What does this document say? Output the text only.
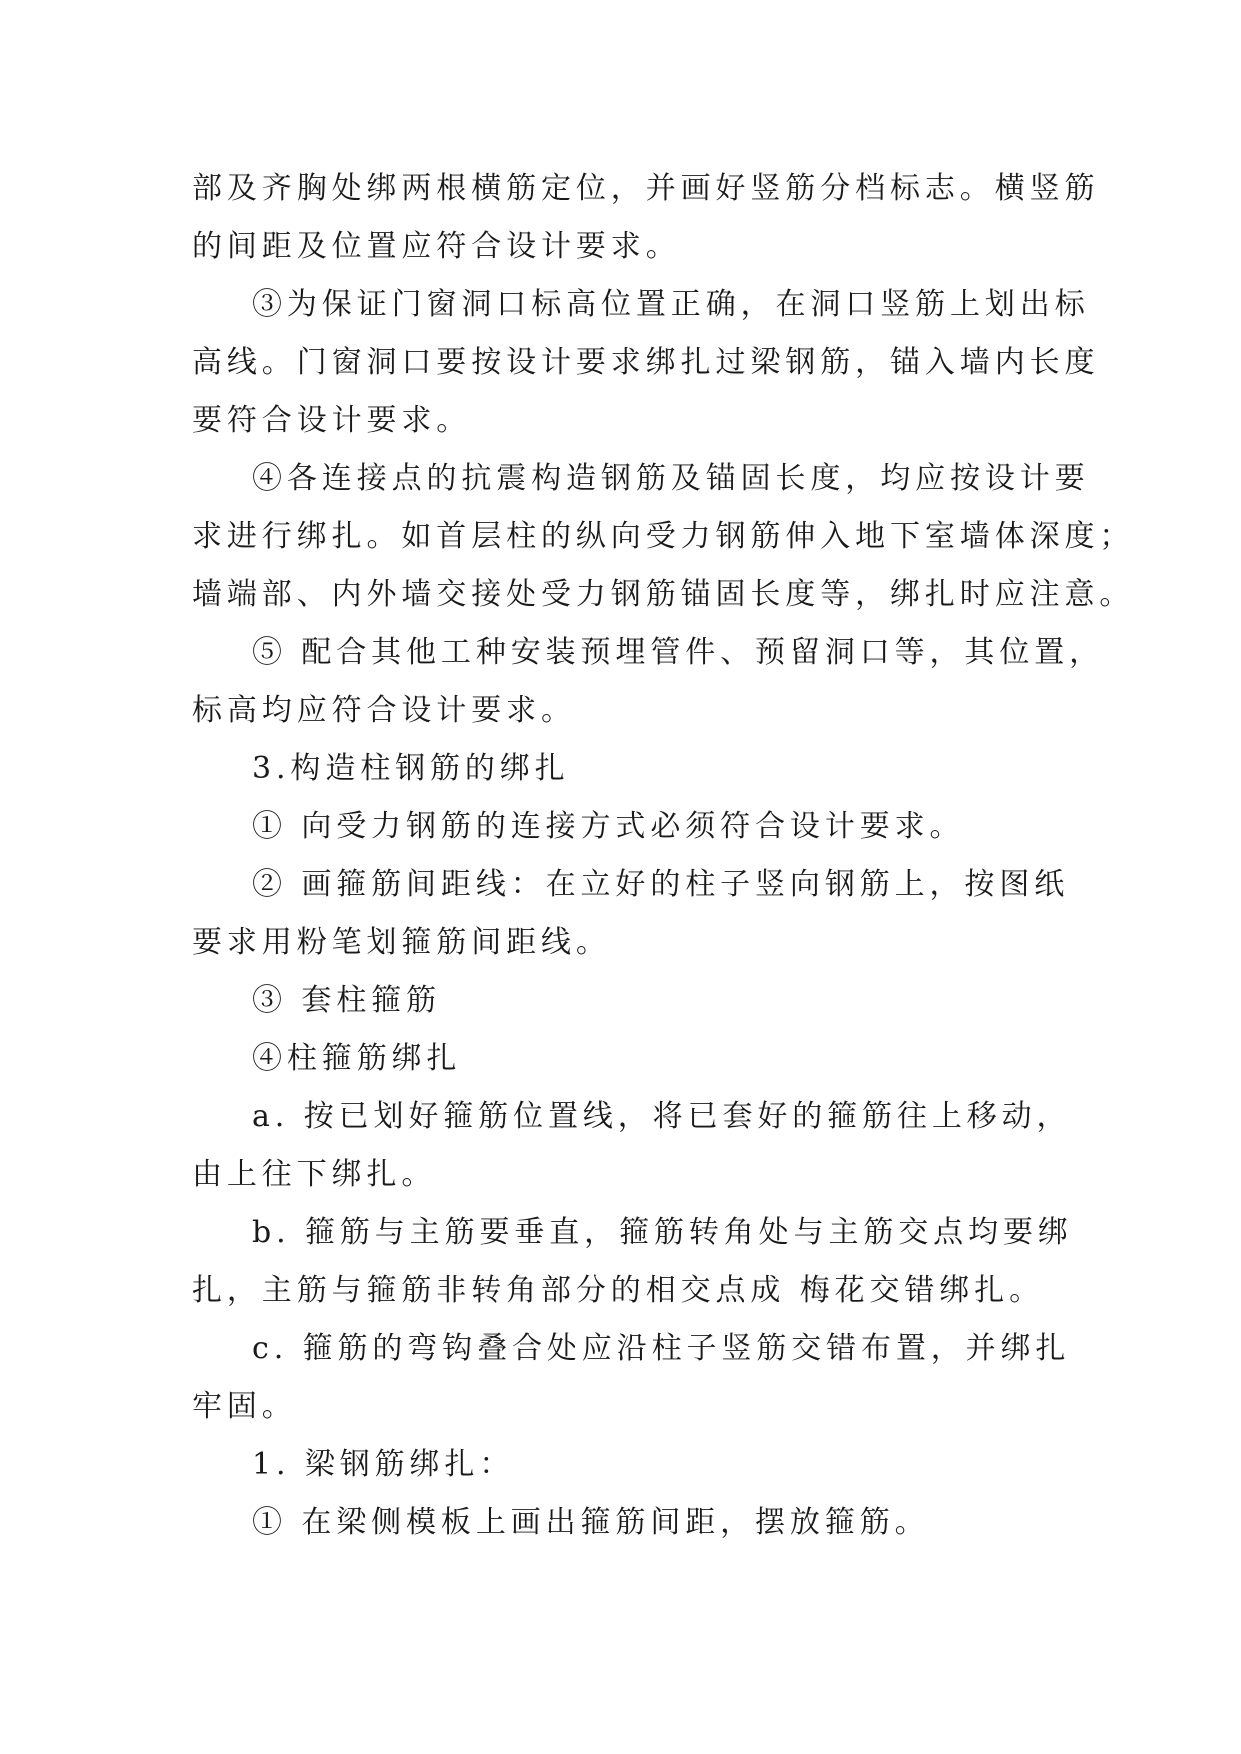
部及齐胸处绑两根横筋定位，并画好竖筋分档标志。横竖筋
的间距及位置应符合设计要求。
③为保证门窗洞口标高位置正确，在洞口竖筋上划出标
高线。门窗洞口要按设计要求绑扎过梁钢筋，锚入墙内长度
要符合设计要求。
④各连接点的抗震构造钢筋及锚固长度，均应按设计要
求进行绑扎。如首层柱的纵向受力钢筋伸入地下室墙体深度；
墙端部、内外墙交接处受力钢筋锚固长度等，绑扎时应注意。
⑤ 配合其他工种安装预埋管件、预留洞口等，其位置，
标高均应符合设计要求。
3.构造柱钢筋的绑扎
① 向受力钢筋的连接方式必须符合设计要求。
② 画箍筋间距线：在立好的柱子竖向钢筋上，按图纸
要求用粉笔划箍筋间距线。
③ 套柱箍筋
④柱箍筋绑扎
a. 按已划好箍筋位置线，将已套好的箍筋往上移动，
由上往下绑扎。
b. 箍筋与主筋要垂直，箍筋转角处与主筋交点均要绑
扎，主筋与箍筋非转角部分的相交点成 梅花交错绑扎。
c. 箍筋的弯钩叠合处应沿柱子竖筋交错布置，并绑扎
牢固。
1. 梁钢筋绑扎：
① 在梁侧模板上画出箍筋间距，摆放箍筋。
